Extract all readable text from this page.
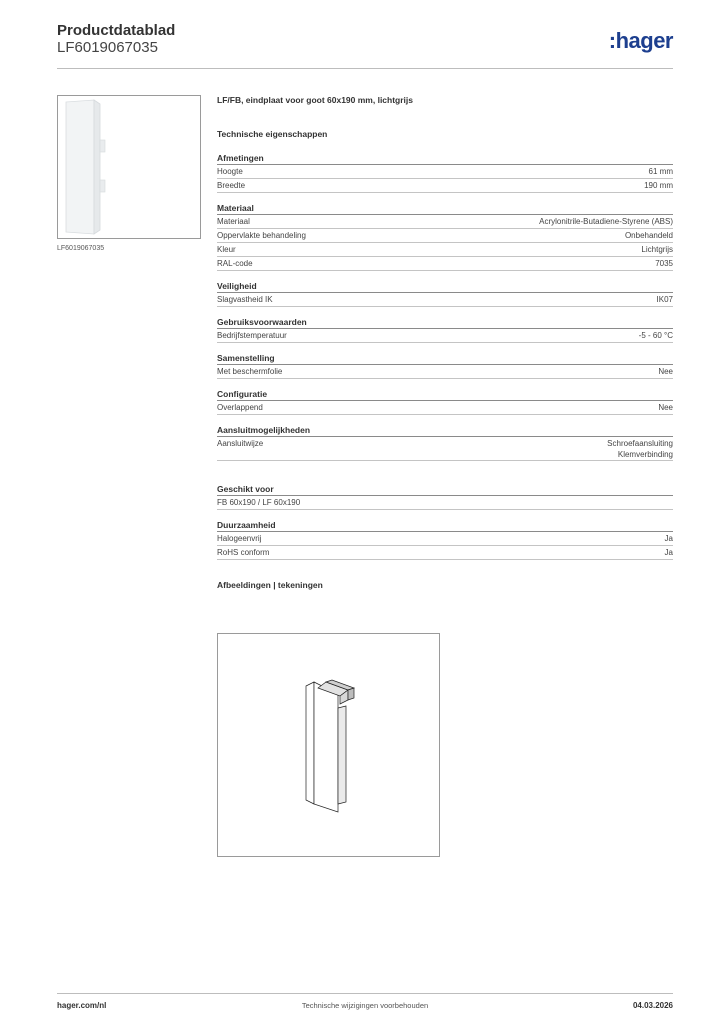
Productdatablad
LF6019067035	:hager
LF6019067035
LF/FB, eindplaat voor goot 60x190 mm, lichtgrijs
Technische eigenschappen
Afmetingen
Hoogte	61 mm
Breedte	190 mm
Materiaal
Materiaal	Acrylonitrile-Butadiene-Styrene (ABS)
Oppervlakte behandeling	Onbehandeld
Kleur	Lichtgrijs
RAL-code	7035
Veiligheid
Slagvastheid IK	IK07
Gebruiksvoorwaarden
Bedrijfstemperatuur	-5 - 60 °C
Samenstelling
Met beschermfolie	Nee
Configuratie
Overlappend	Nee
Aansluitmogelijkheden
Aansluitwijze	Schroefaansluiting
Klemverbinding
Geschikt voor
FB 60x190 / LF 60x190
Duurzaamheid
Halogeenvrij	Ja
RoHS conform	Ja
Afbeeldingen | tekeningen
hager.com/nl	Technische wijzigingen voorbehouden	04.03.2026
